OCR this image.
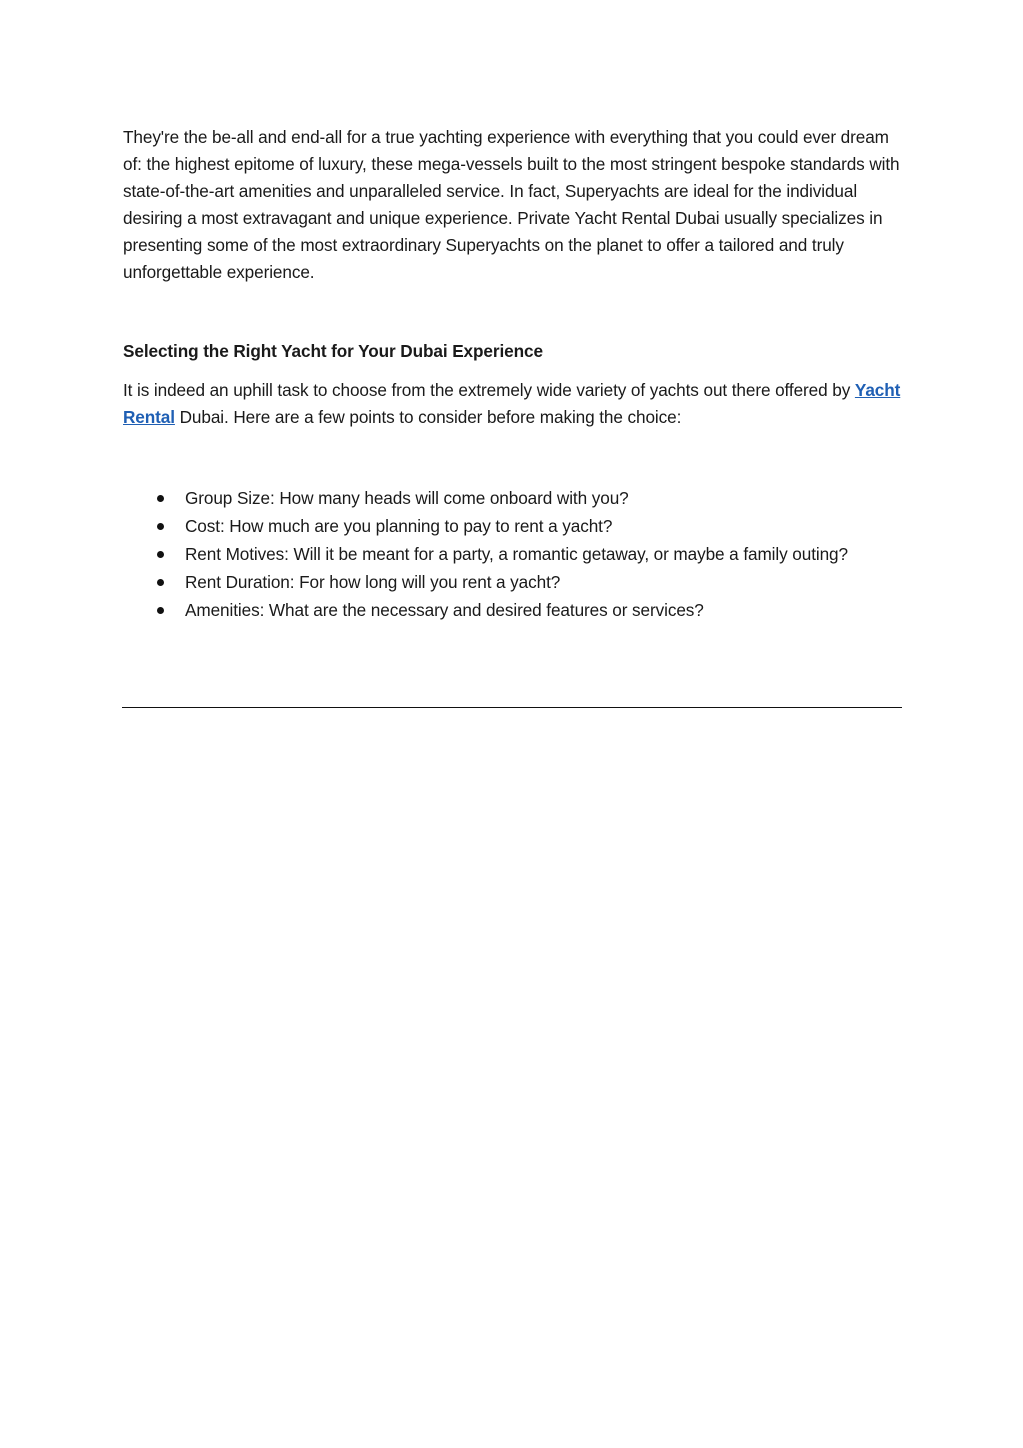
They're the be-all and end-all for a true yachting experience with everything that you could ever dream of: the highest epitome of luxury, these mega-vessels built to the most stringent bespoke standards with state-of-the-art amenities and unparalleled service. In fact, Superyachts are ideal for the individual desiring a most extravagant and unique experience. Private Yacht Rental Dubai usually specializes in presenting some of the most extraordinary Superyachts on the planet to offer a tailored and truly unforgettable experience.

Selecting the Right Yacht for Your Dubai Experience

It is indeed an uphill task to choose from the extremely wide variety of yachts out there offered by Yacht Rental Dubai. Here are a few points to consider before making the choice:

Group Size: How many heads will come onboard with you?
Cost: How much are you planning to pay to rent a yacht?
Rent Motives: Will it be meant for a party, a romantic getaway, or maybe a family outing?
Rent Duration: For how long will you rent a yacht?
Amenities: What are the necessary and desired features or services?
